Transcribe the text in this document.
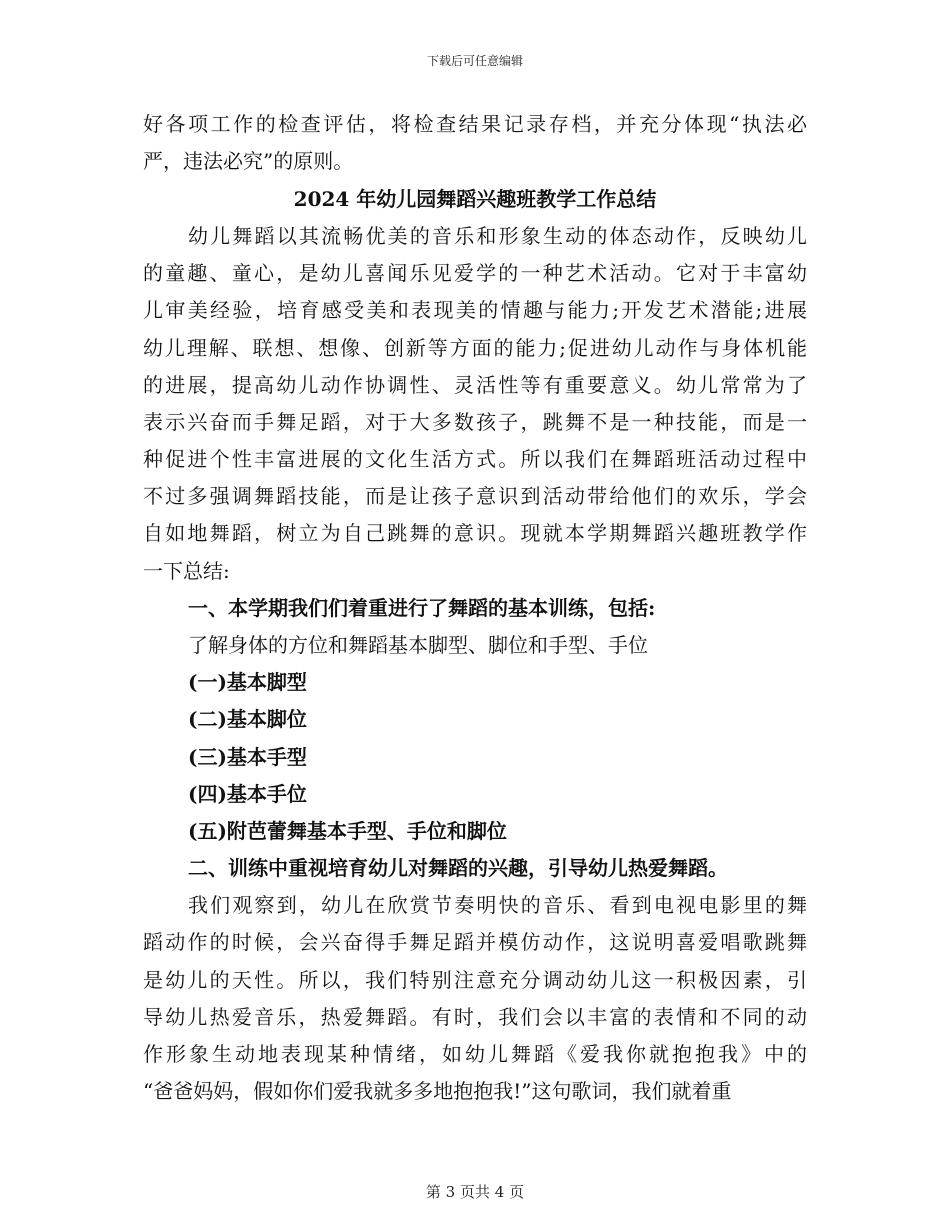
下载后可任意编辑
好各项工作的检查评估，将检查结果记录存档，并充分体现“执法必
严，违法必究”的原则。
2024 年幼儿园舞蹈兴趣班教学工作总结
幼儿舞蹈以其流畅优美的音乐和形象生动的体态动作，反映幼儿
的童趣、童心，是幼儿喜闻乐见爱学的一种艺术活动。它对于丰富幼
儿审美经验，培育感受美和表现美的情趣与能力;开发艺术潜能;进展
幼儿理解、联想、想像、创新等方面的能力;促进幼儿动作与身体机能
的进展，提高幼儿动作协调性、灵活性等有重要意义。幼儿常常为了
表示兴奋而手舞足蹈，对于大多数孩子，跳舞不是一种技能，而是一
种促进个性丰富进展的文化生活方式。所以我们在舞蹈班活动过程中
不过多强调舞蹈技能，而是让孩子意识到活动带给他们的欢乐，学会
自如地舞蹈，树立为自己跳舞的意识。现就本学期舞蹈兴趣班教学作
一下总结:
一、本学期我们们着重进行了舞蹈的基本训练，包括:
了解身体的方位和舞蹈基本脚型、脚位和手型、手位
(一)基本脚型
(二)基本脚位
(三)基本手型
(四)基本手位
(五)附芭蕾舞基本手型、手位和脚位
二、训练中重视培育幼儿对舞蹈的兴趣，引导幼儿热爱舞蹈。
我们观察到，幼儿在欣赏节奏明快的音乐、看到电视电影里的舞
蹈动作的时候，会兴奋得手舞足蹈并模仿动作，这说明喜爱唱歌跳舞
是幼儿的天性。所以，我们特别注意充分调动幼儿这一积极因素，引
导幼儿热爱音乐，热爱舞蹈。有时，我们会以丰富的表情和不同的动
作形象生动地表现某种情绪，如幼儿舞蹈《爱我你就抱抱我》中的
“爸爸妈妈，假如你们爱我就多多地抱抱我!”这句歌词，我们就着重
第 3 页共 4 页
